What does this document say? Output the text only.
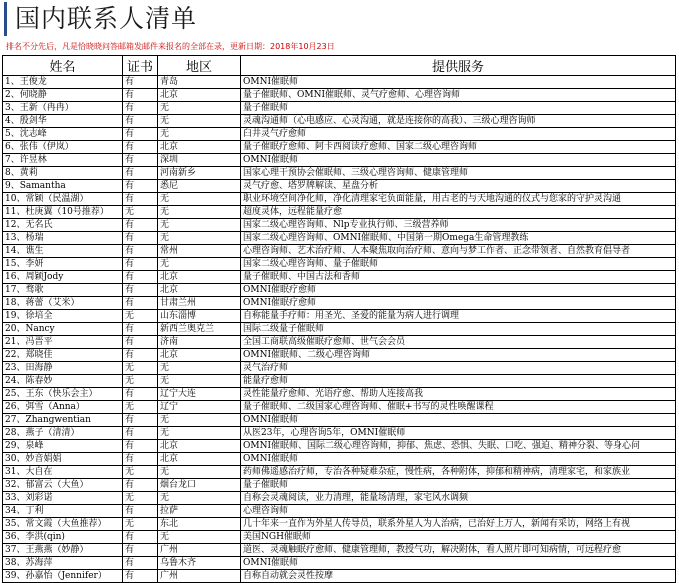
国内联系人清单
排名不分先后，凡是恰晓晓问答邮箱发邮件来报名的全部在录，更新日期：2018年10月23日
姓名	证书	地区	提供服务
1、王俊龙	有	青岛	OMNI催眠师
2、何晓静	有	北京	量子催眠师、OMNI催眠师、灵气疗愈师、心理咨询师
3、王新（冉冉）	有	无	量子催眠师
4、殷剑华	有	无	灵魂沟通师（心电感应、心灵沟通，就是连接你的高我）、三级心理咨询师
5、沈志峰	有	无	臼井灵气疗愈师
6、张伟（伊岚）	有	北京	量子催眠疗愈师、阿卡西阅读疗愈师、国家二级心理咨询师
7、许昱林	有	深圳	OMNI催眠师
8、黄莉	有	河南新乡	国家心理干预协会催眠师、三级心理咨询师、健康管理师
9、Samantha	有	悉尼	灵气疗愈、塔罗牌解读、星盘分析
10、常颖（民温湖）	有	无	职业环境空间净化师，净化清理家宅负面能量，用古老的与天地沟通的仪式与您家的守护灵沟通
11、杜庚翼（10号推荐）	无	无	超度灵体，远程能量疗愈
12、无名氏	有	无	国家二级心理咨询师、Nlp专业执行师、三级营养师
13、杨瑞	有	无	国家二级心理咨询师、OMNI催眠师、中国第一期Omega生命管理教练
14、谯生	有	常州	心理咨询师、艺术治疗师、人本聚焦取向治疗师、意向与梦工作者、正念带领者、自然教育倡导者
15、李妍	有	无	国家二级心理咨询师、量子催眠师
16、周颖Jody	有	北京	量子催眠师、中国古法和香师
17、骛歌	有	北京	OMNI催眠疗愈师
18、蒋蕾（艾米）	有	甘肃兰州	OMNI催眠疗愈师
19、徐培全	无	山东淄博	自称能量手疗师：用圣光、圣爱的能量为病人进行调理
20、Nancy	有	新西兰奥克兰	国际二级量子催眠师
21、冯晋平	有	济南	全国工商联高级催眠疗愈师、世气会会员
22、郑晓佳	有	北京	OMNI催眠师、二级心理咨询师
23、田海静	无	无	灵气治疗师
24、陈春妙	无	无	能量疗愈师
25、王东（快乐会主）	有	辽宁大连	灵性能量疗愈师、光语疗愈、帮助人连接高我
26、弭雪（Anna）	无	辽宁	量子催眠师、二级国家心理咨询师、催眠+书写的灵性唤醒课程
27、Zhangwentian	有	无	OMNI催眠师
28、燕子（清清）	有	无	从医23年，心理咨询5年，OMNI催眠师
29、泉峰	有	北京	OMNI催眠师、国际二级心理咨询师，抑郁、焦虑、恐惧、失眠、口吃、强迫、精神分裂、等身心问
30、妙音娟娟	有	北京	OMNI催眠师
31、大自在	无	无	药师佛遥感治疗师，专治各种疑难杂症，慢性病，各种附体，抑郁和精神病，清理家宅，和家族业
32、郁富云（大鱼）	有	烟台龙口	量子催眠师
33、刘彩诺	无	无	自称会灵魂阅读，业力清理，能量场清理，家宅风水调频
34、丁利	有	拉萨	心理咨询师
35、常文霞（大鱼推荐）	无	东北	几十年来一直作为外星人传导员，联系外星人为人治病，已治好上万人，新闻有采访，网络上有视
36、李洪(qin)	有	无	美国NGH催眠师
37、王燕燕（妙静）	有	广州	道医、灵魂触眠疗愈师、健康管理师，教授气功，解决附体，看人照片即可知病情，可远程疗愈
38、苏海萍	有	乌鲁木齐	OMNI催眠师
39、孙嘉怡（Jennifer）	有	广州	自称自动就会灵性按摩
